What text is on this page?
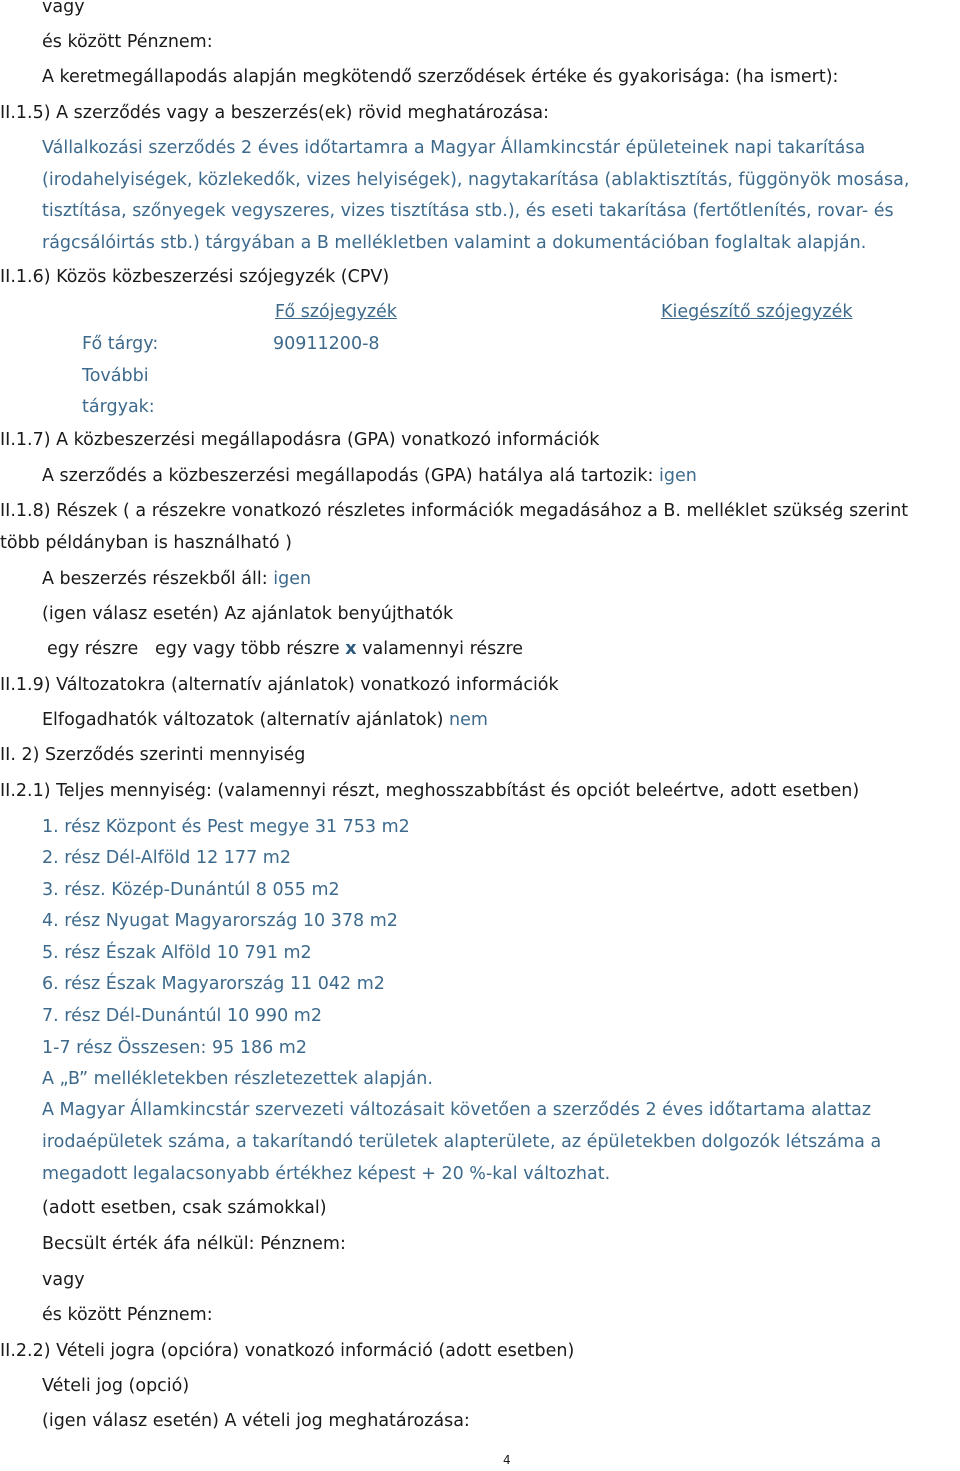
vagy
és között Pénznem:
A keretmegállapodás alapján megkötendő szerződések értéke és gyakorisága: (ha ismert):
II.1.5) A szerződés vagy a beszerzés(ek) rövid meghatározása:
Vállalkozási szerződés 2 éves időtartamra a Magyar Államkincstár épületeinek napi takarítása
(irodahelyiségek, közlekedők, vizes helyiségek), nagytakarítása (ablaktisztítás, függönyök mosása,
tisztítása, szőnyegek vegyszeres, vizes tisztítása stb.), és eseti takarítása (fertőtlenítés, rovar- és
rágcsálóirtás stb.) tárgyában a B mellékletben valamint a dokumentációban foglaltak alapján.
II.1.6) Közös közbeszerzési szójegyzék (CPV)
Fő szójegyzék	Kiegészítő szójegyzék
Fő tárgy:	90911200-8
További
tárgyak:
II.1.7) A közbeszerzési megállapodásra (GPA) vonatkozó információk
A szerződés a közbeszerzési megállapodás (GPA) hatálya alá tartozik: igen
II.1.8) Részek ( a részekre vonatkozó részletes információk megadásához a B. melléklet szükség szerint
több példányban is használható )
A beszerzés részekből áll: igen
(igen válasz esetén) Az ajánlatok benyújthatók
egy részre egy vagy több részre x valamennyi részre
II.1.9) Változatokra (alternatív ajánlatok) vonatkozó információk
Elfogadhatók változatok (alternatív ajánlatok) nem
II. 2) Szerződés szerinti mennyiség
II.2.1) Teljes mennyiség: (valamennyi részt, meghosszabbítást és opciót beleértve, adott esetben)
1. rész Központ és Pest megye 31 753 m2
2. rész Dél-Alföld 12 177 m2
3. rész. Közép-Dunántúl 8 055 m2
4. rész Nyugat Magyarország 10 378 m2
5. rész Észak Alföld 10 791 m2
6. rész Észak Magyarország 11 042 m2
7. rész Dél-Dunántúl 10 990 m2
1-7 rész Összesen: 95 186 m2
A „B” mellékletekben részletezettek alapján.
A Magyar Államkincstár szervezeti változásait követően a szerződés 2 éves időtartama alattaz
irodaépületek száma, a takarítandó területek alapterülete, az épületekben dolgozók létszáma a
megadott legalacsonyabb értékhez képest + 20 %-kal változhat.
(adott esetben, csak számokkal)
Becsült érték áfa nélkül: Pénznem:
vagy
és között Pénznem:
II.2.2) Vételi jogra (opcióra) vonatkozó információ (adott esetben)
Vételi jog (opció)
(igen válasz esetén) A vételi jog meghatározása:
4
